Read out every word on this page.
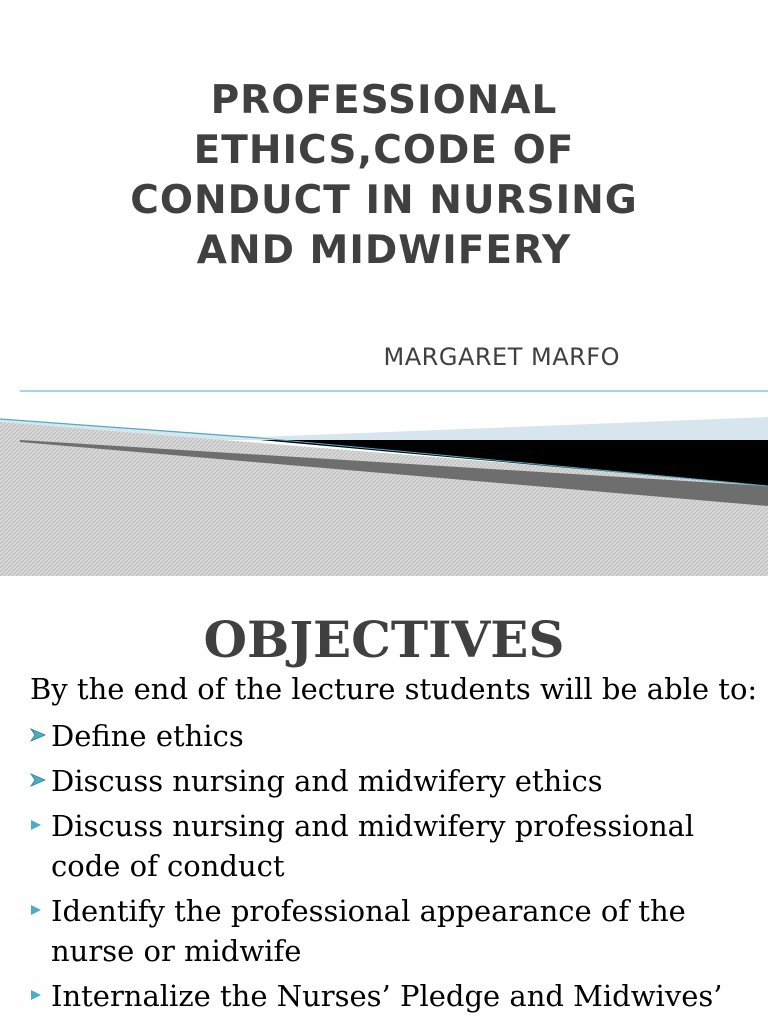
PROFESSIONAL
ETHICS,CODE OF
CONDUCT IN NURSING
AND MIDWIFERY
MARGARET MARFO
OBJECTIVES

By the end of the lecture students will be able to:

Define ethics
Discuss nursing and midwifery ethics
Discuss nursing and midwifery professional code of conduct
Identify the professional appearance of the nurse or midwife
Internalize the Nurses’ Pledge and Midwives’
